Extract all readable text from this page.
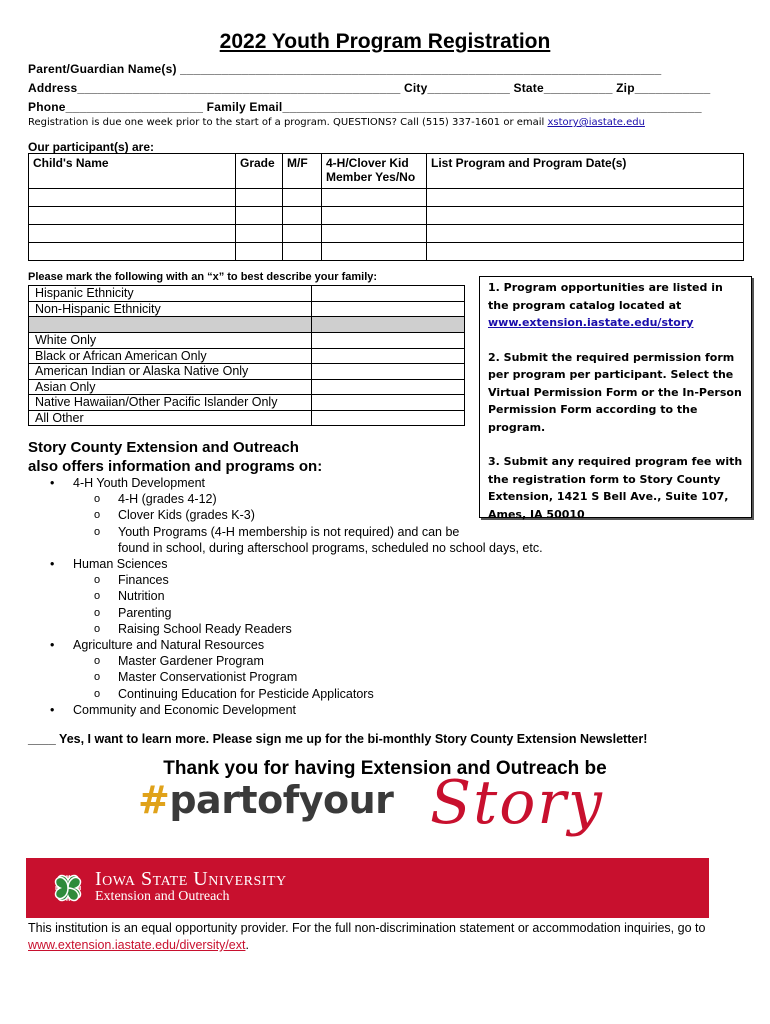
2022 Youth Program Registration
Parent/Guardian Name(s) ______________________________________________________________________
Address_______________________________________________ City____________ State__________ Zip___________
Phone____________________ Family Email_____________________________________________________________
Registration is due one week prior to the start of a program. QUESTIONS? Call (515) 337-1601 or email xstory@iastate.edu
Our participant(s) are:
Child's Name	Grade	M/F	4-H/Clover Kid Member Yes/No	List Program and Program Date(s)

Please mark the following with an “x” to best describe your family:
Hispanic Ethnicity	
Non-Hispanic Ethnicity	

White Only	
Black or African American Only	
American Indian or Alaska Native Only	
Asian Only	
Native Hawaiian/Other Pacific Islander Only	
All Other	

1. Program opportunities are listed in the program catalog located at www.extension.iastate.edu/story

2. Submit the required permission form per program per participant. Select the Virtual Permission Form or the In-Person Permission Form according to the program.

3. Submit any required program fee with the registration form to Story County Extension, 1421 S Bell Ave., Suite 107, Ames, IA 50010

Story County Extension and Outreach
also offers information and programs on:
• 4-H Youth Development
o 4-H (grades 4-12)
o Clover Kids (grades K-3)
o Youth Programs (4-H membership is not required) and can be
found in school, during afterschool programs, scheduled no school days, etc.
• Human Sciences
o Finances
o Nutrition
o Parenting
o Raising School Ready Readers
• Agriculture and Natural Resources
o Master Gardener Program
o Master Conservationist Program
o Continuing Education for Pesticide Applicators
• Community and Economic Development
____ Yes, I want to learn more. Please sign me up for the bi-monthly Story County Extension Newsletter!
Thank you for having Extension and Outreach be
#partofyour Story
H
H
H
H Iowa State University
Extension and Outreach
This institution is an equal opportunity provider. For the full non-discrimination statement or accommodation inquiries, go to www.extension.iastate.edu/diversity/ext.
